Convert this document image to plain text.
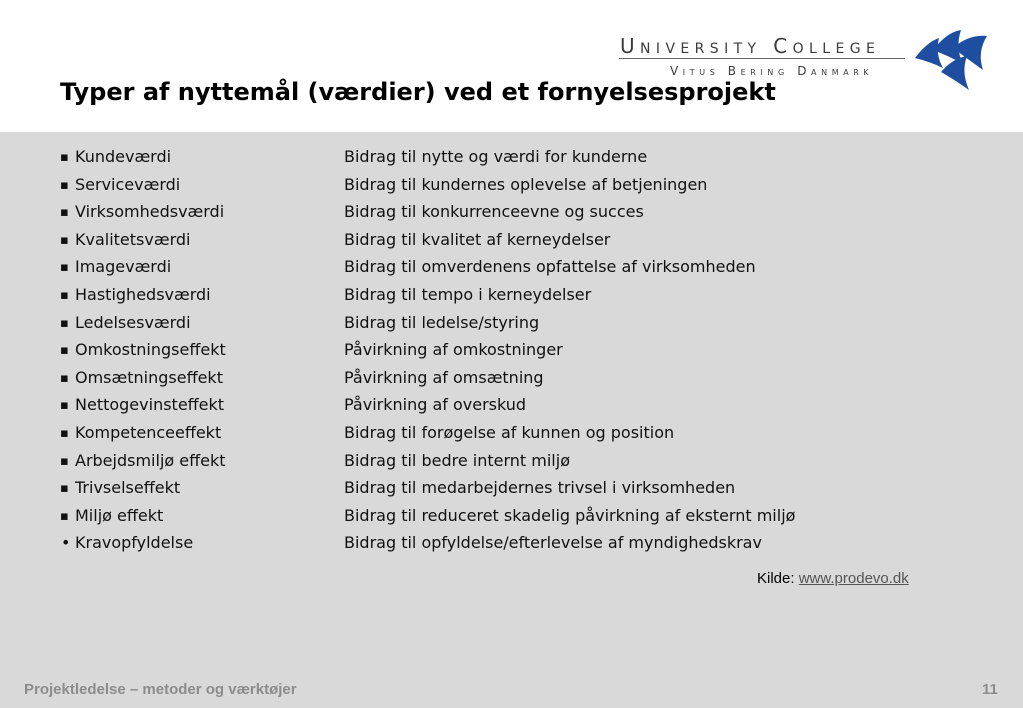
University College
Vitus Bering Danmark
Typer af nyttemål (værdier) ved et fornyelsesprojekt
▪ Kundeværdi	Bidrag til nytte og værdi for kunderne
▪ Serviceværdi	Bidrag til kundernes oplevelse af betjeningen
▪ Virksomhedsværdi	Bidrag til konkurrenceevne og succes
▪ Kvalitetsværdi	Bidrag til kvalitet af kerneydelser
▪ Imageværdi	Bidrag til omverdenens opfattelse af virksomheden
▪ Hastighedsværdi	Bidrag til tempo i kerneydelser
▪ Ledelsesværdi	Bidrag til ledelse/styring
▪ Omkostningseffekt	Påvirkning af omkostninger
▪ Omsætningseffekt	Påvirkning af omsætning
▪ Nettogevinsteffekt	Påvirkning af overskud
▪ Kompetenceeffekt	Bidrag til forøgelse af kunnen og position
▪ Arbejdsmiljø effekt	Bidrag til bedre internt miljø
▪ Trivselseffekt	Bidrag til medarbejdernes trivsel i virksomheden
▪ Miljø effekt	Bidrag til reduceret skadelig påvirkning af eksternt miljø
• Kravopfyldelse	Bidrag til opfyldelse/efterlevelse af myndighedskrav
Kilde: www.prodevo.dk
Projektledelse – metoder og værktøjer	11
